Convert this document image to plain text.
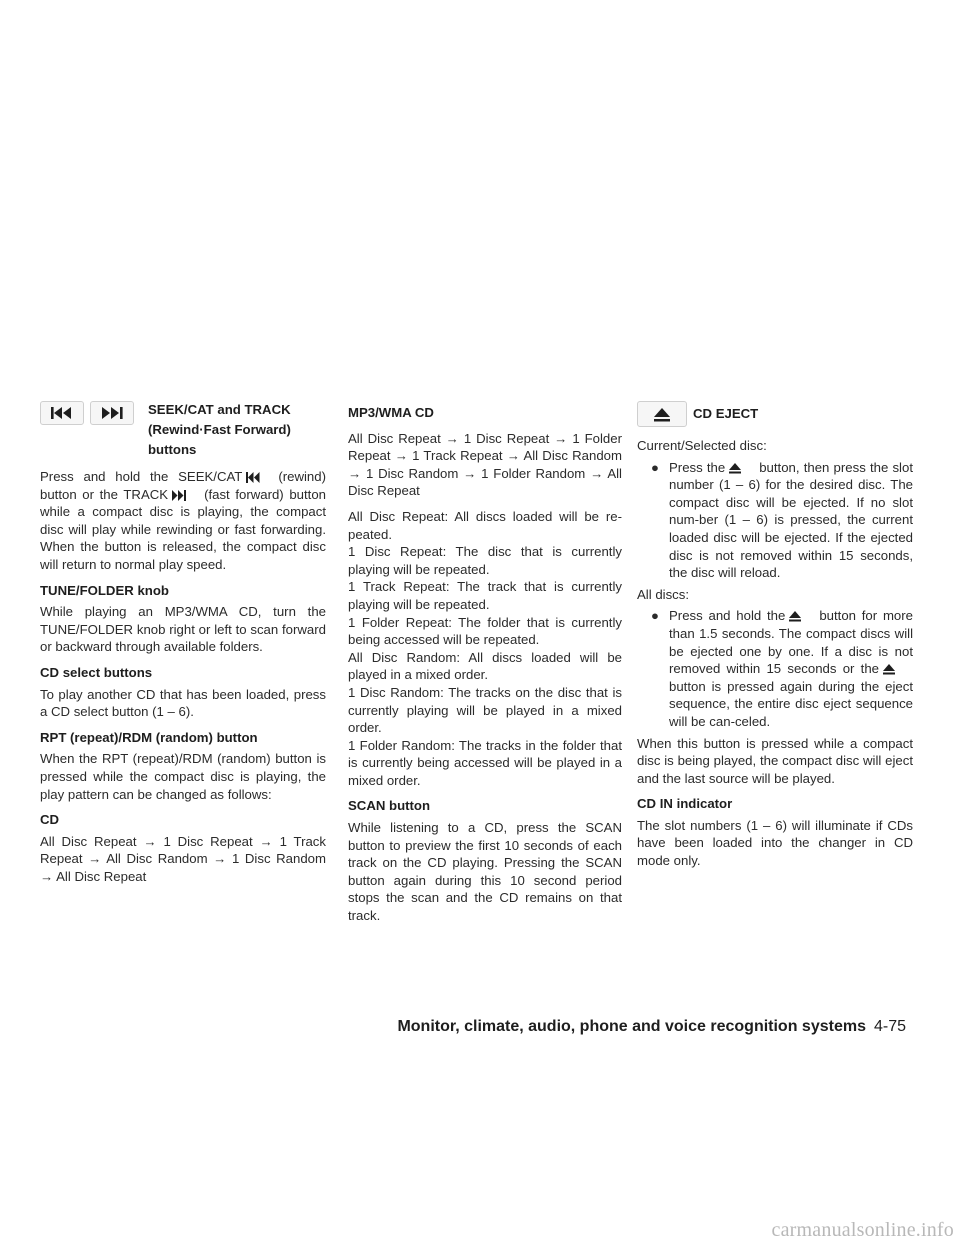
SEEK/CAT and TRACK
(Rewind·Fast Forward)
buttons

Press and hold the SEEK/CAT	(rewind) button or the TRACK	(fast forward) button while a compact disc is playing, the compact disc will play while rewinding or fast forwarding. When the button is released, the compact disc will return to normal play speed.

TUNE/FOLDER knob

While playing an MP3/WMA CD, turn the TUNE/FOLDER knob right or left to scan forward or backward through available folders.

CD select buttons

To play another CD that has been loaded, press a CD select button (1 – 6).

RPT (repeat)/RDM (random) button

When the RPT (repeat)/RDM (random) button is pressed while the compact disc is playing, the play pattern can be changed as follows:

CD

All Disc Repeat → 1 Disc Repeat → 1 Track Repeat → All Disc Random → 1 Disc Random → All Disc Repeat

MP3/WMA CD

All Disc Repeat → 1 Disc Repeat → 1 Folder Repeat → 1 Track Repeat → All Disc Random → 1 Disc Random → 1 Folder Random → All Disc Repeat

All Disc Repeat: All discs loaded will be re-peated.

1 Disc Repeat: The disc that is currently playing will be repeated.

1 Track Repeat: The track that is currently playing will be repeated.

1 Folder Repeat: The folder that is currently being accessed will be repeated.

All Disc Random: All discs loaded will be played in a mixed order.

1 Disc Random: The tracks on the disc that is currently playing will be played in a mixed order.

1 Folder Random: The tracks in the folder that is currently being accessed will be played in a mixed order.

SCAN button

While listening to a CD, press the SCAN button to preview the first 10 seconds of each track on the CD playing. Pressing the SCAN button again during this 10 second period stops the scan and the CD remains on that track.

CD EJECT

Current/Selected disc:

● Press the	button, then press the slot number (1 – 6) for the desired disc. The compact disc will be ejected. If no slot num-ber (1 – 6) is pressed, the current loaded disc will be ejected. If the ejected disc is not removed within 15 seconds, the disc will reload.

All discs:

● Press and hold the	button for more than 1.5 seconds. The compact discs will be ejected one by one. If a disc is not removed within 15 seconds or the
button is pressed again during the eject sequence, the entire disc eject sequence will be can-celed.

When this button is pressed while a compact disc is being played, the compact disc will eject and the last source will be played.

CD IN indicator

The slot numbers (1 – 6) will illuminate if CDs have been loaded into the changer in CD mode only.

Monitor, climate, audio, phone and voice recognition systems 4-75
carmanualsonline.info
